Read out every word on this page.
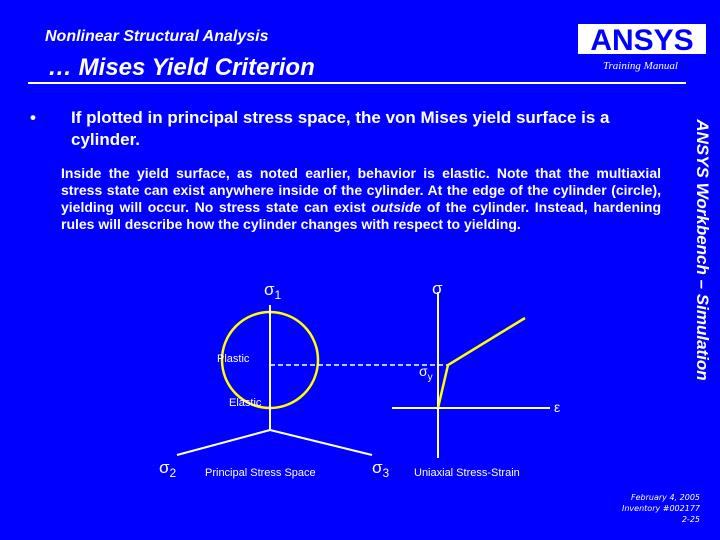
Nonlinear Structural Analysis
… Mises Yield Criterion
ANSYS
Training Manual
ANSYS Workbench – Simulation
•	If plotted in principal stress space, the von Mises yield surface is a cylinder.
Inside the yield surface, as noted earlier, behavior is elastic. Note that the multiaxial stress state can exist anywhere inside of the cylinder. At the edge of the cylinder (circle), yielding will occur. No stress state can exist outside of the cylinder. Instead, hardening rules will describe how the cylinder changes with respect to yielding.
$\sigma_1$
$\sigma_2$	$\sigma_3$
Plastic
Elastic
Principal Stress Space
σ
$\sigma_y$
ε
Uniaxial Stress-Strain
February 4, 2005
Inventory #002177
2-25
